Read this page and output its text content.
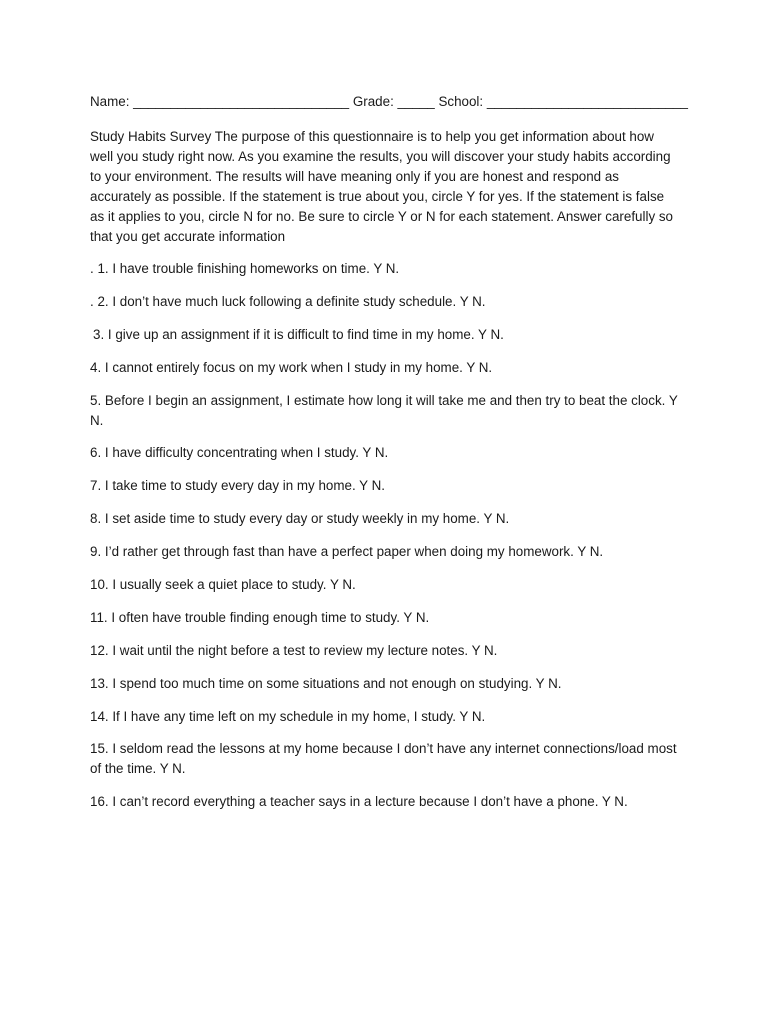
Name: _____________________________ Grade: _____ School: ___________________________

Study Habits Survey The purpose of this questionnaire is to help you get information about how well you study right now. As you examine the results, you will discover your study habits according to your environment. The results will have meaning only if you are honest and respond as accurately as possible. If the statement is true about you, circle Y for yes. If the statement is false as it applies to you, circle N for no. Be sure to circle Y or N for each statement. Answer carefully so that you get accurate information

. 1. I have trouble finishing homeworks on time. Y N.
. 2. I don’t have much luck following a definite study schedule. Y N.
3. I give up an assignment if it is difficult to find time in my home. Y N.
4. I cannot entirely focus on my work when I study in my home. Y N.
5. Before I begin an assignment, I estimate how long it will take me and then try to beat the clock. Y N.
6. I have difficulty concentrating when I study. Y N.
7. I take time to study every day in my home. Y N.
8. I set aside time to study every day or study weekly in my home. Y N.
9. I’d rather get through fast than have a perfect paper when doing my homework. Y N.
10. I usually seek a quiet place to study. Y N.
11. I often have trouble finding enough time to study. Y N.
12. I wait until the night before a test to review my lecture notes. Y N.
13. I spend too much time on some situations and not enough on studying. Y N.
14. If I have any time left on my schedule in my home, I study. Y N.
15. I seldom read the lessons at my home because I don’t have any internet connections/load most of the time. Y N.
16. I can’t record everything a teacher says in a lecture because I don’t have a phone. Y N.
